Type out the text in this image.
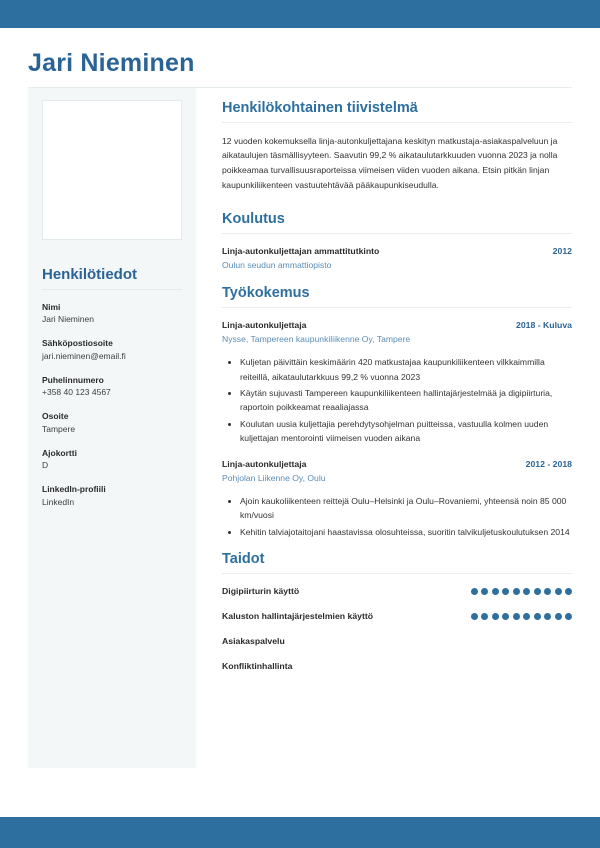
Jari Nieminen
Henkilötiedot
Nimi
Jari Nieminen
Sähköpostiosoite
jari.nieminen@email.fi
Puhelinnumero
+358 40 123 4567
Osoite
Tampere
Ajokortti
D
LinkedIn-profiili
LinkedIn
Henkilökohtainen tiivistelmä
12 vuoden kokemuksella linja-autonkuljettajana keskityn matkustaja-asiakaspalveluun ja aikataulujen täsmällisyyteen. Saavutin 99,2 % aikataulutarkkuuden vuonna 2023 ja nolla poikkeamaa turvallisuusraporteissa viimeisen viiden vuoden aikana. Etsin pitkän linjan kaupunkiliikenteen vastuutehtävää pääkaupunkiseudulla.
Koulutus
Linja-autonkuljettajan ammattitutkinto	2012
Oulun seudun ammattiopisto
Työkokemus
Linja-autonkuljettaja	2018 - Kuluva
Nysse, Tampereen kaupunkiliikenne Oy, Tampere
• Kuljetan päivittäin keskimäärin 420 matkustajaa kaupunkiliikenteen vilkkaimmilla reiteillä, aikataulutarkkuus 99,2 % vuonna 2023
• Käytän sujuvasti Tampereen kaupunkiliikenteen hallintajärjestelmää ja digipiirturia, raportoin poikkeamat reaaliajassa
• Koulutan uusia kuljettajia perehdytysohjelman puitteissa, vastuulla kolmen uuden kuljettajan mentorointi viimeisen vuoden aikana
Linja-autonkuljettaja	2012 - 2018
Pohjolan Liikenne Oy, Oulu
• Ajoin kaukoliikenteen reittejä Oulu–Helsinki ja Oulu–Rovaniemi, yhteensä noin 85 000 km/vuosi
• Kehitin talviajotaitojani haastavissa olosuhteissa, suoritin talvikuljetuskoulutuksen 2014
Taidot
Digipiirturin käyttö
Kaluston hallintajärjestelmien käyttö
Asiakaspalvelu
Konfliktinhallinta
